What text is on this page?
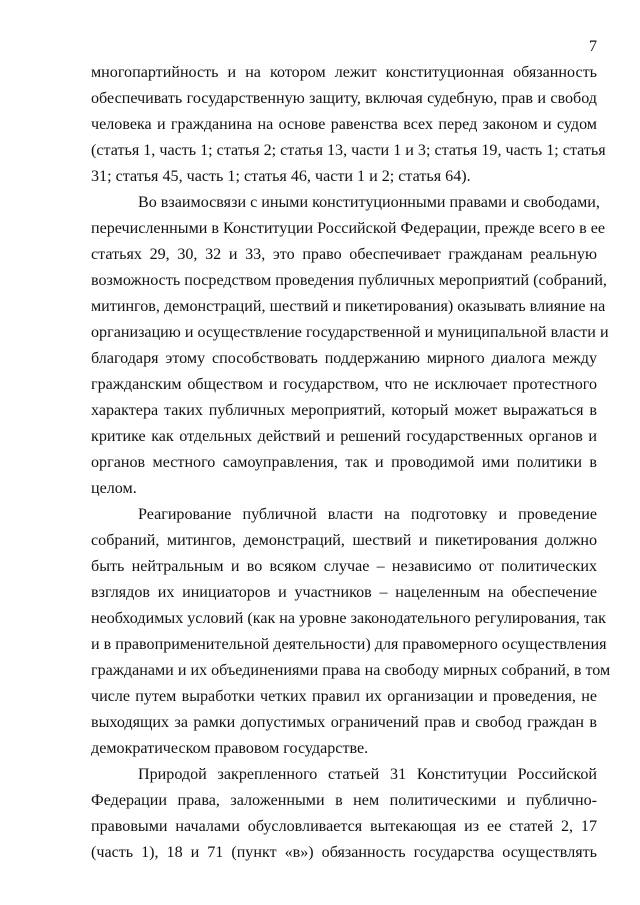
7
многопартийность и на котором лежит конституционная обязанность
обеспечивать государственную защиту, включая судебную, прав и свобод
человека и гражданина на основе равенства всех перед законом и судом
(статья 1, часть 1; статья 2; статья 13, части 1 и 3; статья 19, часть 1; статья
31; статья 45, часть 1; статья 46, части 1 и 2; статья 64).
Во взаимосвязи с иными конституционными правами и свободами,
перечисленными в Конституции Российской Федерации, прежде всего в ее
статьях 29, 30, 32 и 33, это право обеспечивает гражданам реальную
возможность посредством проведения публичных мероприятий (собраний,
митингов, демонстраций, шествий и пикетирования) оказывать влияние на
организацию и осуществление государственной и муниципальной власти и
благодаря этому способствовать поддержанию мирного диалога между
гражданским обществом и государством, что не исключает протестного
характера таких публичных мероприятий, который может выражаться в
критике как отдельных действий и решений государственных органов и
органов местного самоуправления, так и проводимой ими политики в
целом.
Реагирование публичной власти на подготовку и проведение
собраний, митингов, демонстраций, шествий и пикетирования должно
быть нейтральным и во всяком случае – независимо от политических
взглядов их инициаторов и участников – нацеленным на обеспечение
необходимых условий (как на уровне законодательного регулирования, так
и в правоприменительной деятельности) для правомерного осуществления
гражданами и их объединениями права на свободу мирных собраний, в том
числе путем выработки четких правил их организации и проведения, не
выходящих за рамки допустимых ограничений прав и свобод граждан в
демократическом правовом государстве.
Природой закрепленного статьей 31 Конституции Российской
Федерации права, заложенными в нем политическими и публично-
правовыми началами обусловливается вытекающая из ее статей 2, 17
(часть 1), 18 и 71 (пункт «в») обязанность государства осуществлять
